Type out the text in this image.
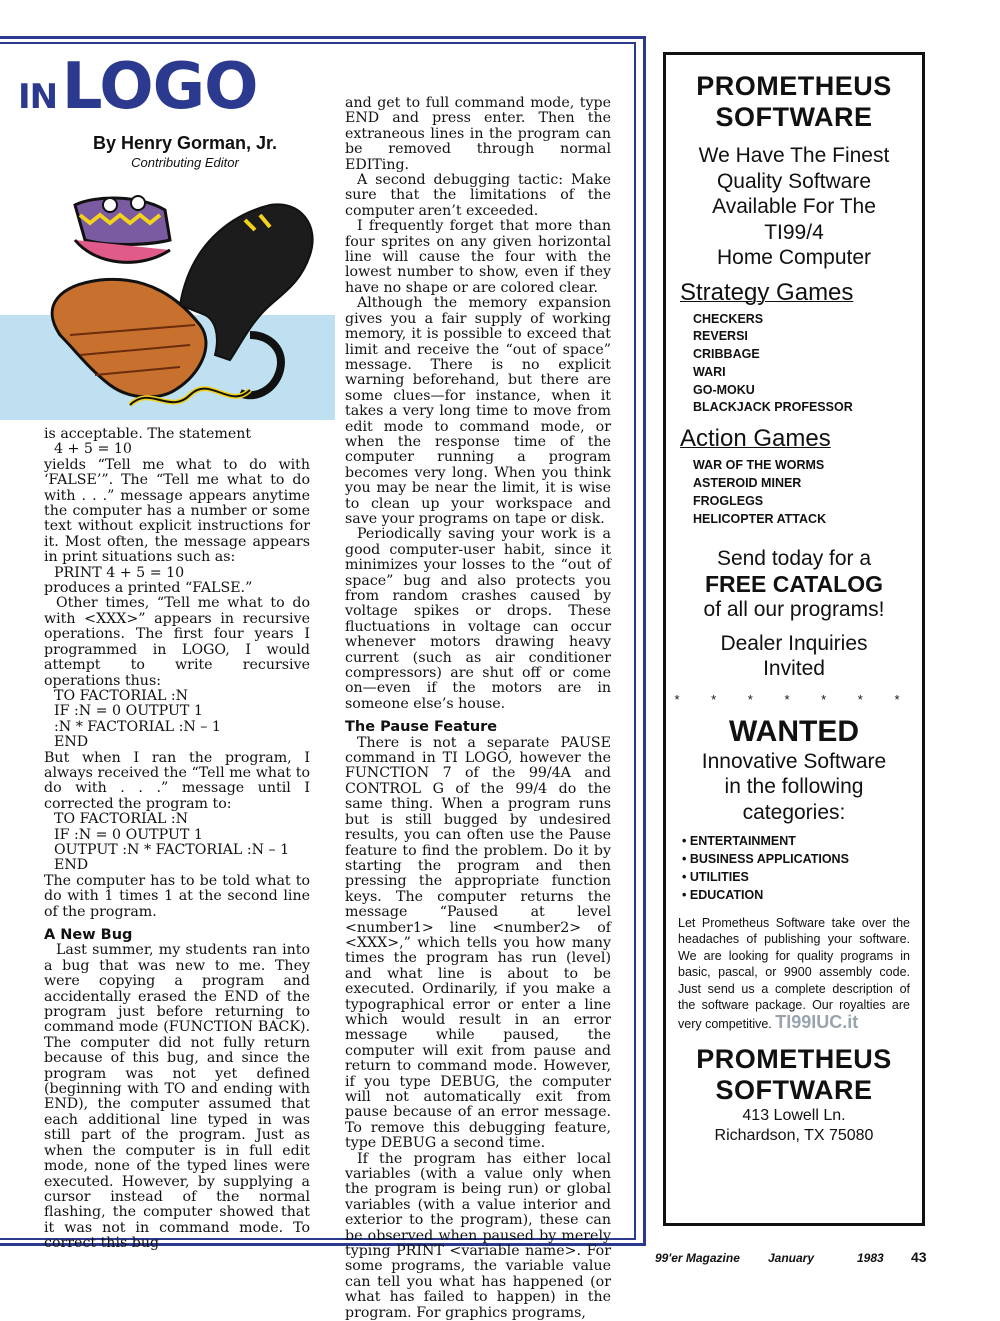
IN LOGO
By Henry Gorman, Jr.
Contributing Editor

is acceptable. The statement

4 + 5 = 10

yields “Tell me what to do with ‘FALSE’”. The “Tell me what to do with . . .” message appears anytime the computer has a number or some text without explicit instructions for it. Most often, the message appears in print situations such as:

PRINT 4 + 5 = 10

produces a printed “FALSE.”

Other times, “Tell me what to do with <XXX>” appears in recursive operations. The first four years I programmed in LOGO, I would attempt to write recursive operations thus:

TO FACTORIAL :N
IF :N = 0 OUTPUT 1
:N * FACTORIAL :N – 1
END

But when I ran the program, I always received the “Tell me what to do with . . .” message until I corrected the program to:

TO FACTORIAL :N
IF :N = 0 OUTPUT 1
OUTPUT :N * FACTORIAL :N – 1
END

The computer has to be told what to do with 1 times 1 at the second line of the program.

A New Bug

Last summer, my students ran into a bug that was new to me. They were copying a program and accidentally erased the END of the program just before returning to command mode (FUNCTION BACK). The computer did not fully return because of this bug, and since the program was not yet defined (beginning with TO and ending with END), the computer assumed that each additional line typed in was still part of the program. Just as when the computer is in full edit mode, none of the typed lines were executed. However, by supplying a cursor instead of the normal flashing, the computer showed that it was not in command mode. To correct this bug

and get to full command mode, type END and press enter. Then the extraneous lines in the program can be removed through normal EDITing.

A second debugging tactic: Make sure that the limitations of the computer aren’t exceeded.

I frequently forget that more than four sprites on any given horizontal line will cause the four with the lowest number to show, even if they have no shape or are colored clear.

Although the memory expansion gives you a fair supply of working memory, it is possible to exceed that limit and receive the “out of space” message. There is no explicit warning beforehand, but there are some clues—for instance, when it takes a very long time to move from edit mode to command mode, or when the response time of the computer running a program becomes very long. When you think you may be near the limit, it is wise to clean up your workspace and save your programs on tape or disk.

Periodically saving your work is a good computer-user habit, since it minimizes your losses to the “out of space” bug and also protects you from random crashes caused by voltage spikes or drops. These fluctuations in voltage can occur whenever motors drawing heavy current (such as air conditioner compressors) are shut off or come on—even if the motors are in someone else’s house.

The Pause Feature

There is not a separate PAUSE command in TI LOGO, however the FUNCTION 7 of the 99/4A and CONTROL G of the 99/4 do the same thing. When a program runs but is still bugged by undesired results, you can often use the Pause feature to find the problem. Do it by starting the program and then pressing the appropriate function keys. The computer returns the message “Paused at level <number1> line <number2> of <XXX>,” which tells you how many times the program has run (level) and what line is about to be executed. Ordinarily, if you make a typographical error or enter a line which would result in an error message while paused, the computer will exit from pause and return to command mode. However, if you type DEBUG, the computer will not automatically exit from pause because of an error message. To remove this debugging feature, type DEBUG a second time.

If the program has either local variables (with a value only when the program is being run) or global variables (with a value interior and exterior to the program), these can be observed when paused by merely typing PRINT <variable name>. For some programs, the variable value can tell you what has happened (or what has failed to happen) in the program. For graphics programs,

PROMETHEUS
SOFTWARE
We Have The Finest
Quality Software
Available For The
TI99/4
Home Computer
Strategy Games
CHECKERS
REVERSI
CRIBBAGE
WARI
GO-MOKU
BLACKJACK PROFESSOR
Action Games
WAR OF THE WORMS
ASTEROID MINER
FROGLEGS
HELICOPTER ATTACK
Send today for a
FREE CATALOG
of all our programs!
Dealer Inquiries
Invited
* * * * * * *
WANTED
Innovative Software
in the following
categories:
• ENTERTAINMENT
• BUSINESS APPLICATIONS
• UTILITIES
• EDUCATION
Let Prometheus Software take over the headaches of publishing your software. We are looking for quality programs in basic, pascal, or 9900 assembly code. Just send us a complete description of the software package. Our royalties are very competitive. TI99IUC.it
PROMETHEUS
SOFTWARE
413 Lowell Ln.
Richardson, TX 75080
99'er Magazine January	1983 43
